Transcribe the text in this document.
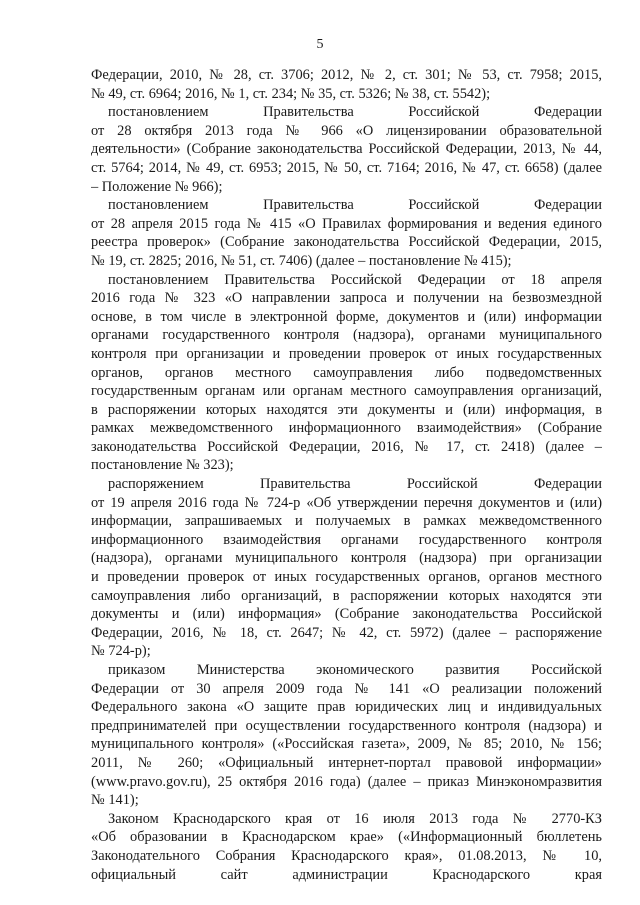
5
Федерации, 2010, № 28, ст. 3706; 2012, № 2, ст. 301; № 53, ст. 7958; 2015,
№ 49, ст. 6964; 2016, № 1, ст. 234; № 35, ст. 5326; № 38, ст. 5542);
постановлением Правительства Российской Федерации
от 28 октября 2013 года № 966 «О лицензировании образовательной
деятельности» (Собрание законодательства Российской Федерации, 2013, № 44,
ст. 5764; 2014, № 49, ст. 6953; 2015, № 50, ст. 7164; 2016, № 47, ст. 6658) (далее
– Положение № 966);
постановлением Правительства Российской Федерации
от 28 апреля 2015 года № 415 «О Правилах формирования и ведения единого
реестра проверок» (Собрание законодательства Российской Федерации, 2015,
№ 19, ст. 2825; 2016, № 51, ст. 7406) (далее – постановление № 415);
постановлением Правительства Российской Федерации от 18 апреля
2016 года № 323 «О направлении запроса и получении на безвозмездной
основе, в том числе в электронной форме, документов и (или) информации
органами государственного контроля (надзора), органами муниципального
контроля при организации и проведении проверок от иных государственных
органов, органов местного самоуправления либо подведомственных
государственным органам или органам местного самоуправления организаций,
в распоряжении которых находятся эти документы и (или) информация, в
рамках межведомственного информационного взаимодействия» (Собрание
законодательства Российской Федерации, 2016, № 17, ст. 2418) (далее –
постановление № 323);
распоряжением Правительства Российской Федерации
от 19 апреля 2016 года № 724-р «Об утверждении перечня документов и (или)
информации, запрашиваемых и получаемых в рамках межведомственного
информационного взаимодействия органами государственного контроля
(надзора), органами муниципального контроля (надзора) при организации
и проведении проверок от иных государственных органов, органов местного
самоуправления либо организаций, в распоряжении которых находятся эти
документы и (или) информация» (Собрание законодательства Российской
Федерации, 2016, № 18, ст. 2647; № 42, ст. 5972) (далее – распоряжение
№ 724-р);
приказом Министерства экономического развития Российской
Федерации от 30 апреля 2009 года № 141 «О реализации положений
Федерального закона «О защите прав юридических лиц и индивидуальных
предпринимателей при осуществлении государственного контроля (надзора) и
муниципального контроля» («Российская газета», 2009, № 85; 2010, № 156;
2011, № 260; «Официальный интернет-портал правовой информации»
(www.pravo.gov.ru), 25 октября 2016 года) (далее – приказ Минэкономразвития
№ 141);
Законом Краснодарского края от 16 июля 2013 года № 2770-КЗ
«Об образовании в Краснодарском крае» («Информационный бюллетень
Законодательного Собрания Краснодарского края», 01.08.2013, № 10,
официальный сайт администрации Краснодарского края
